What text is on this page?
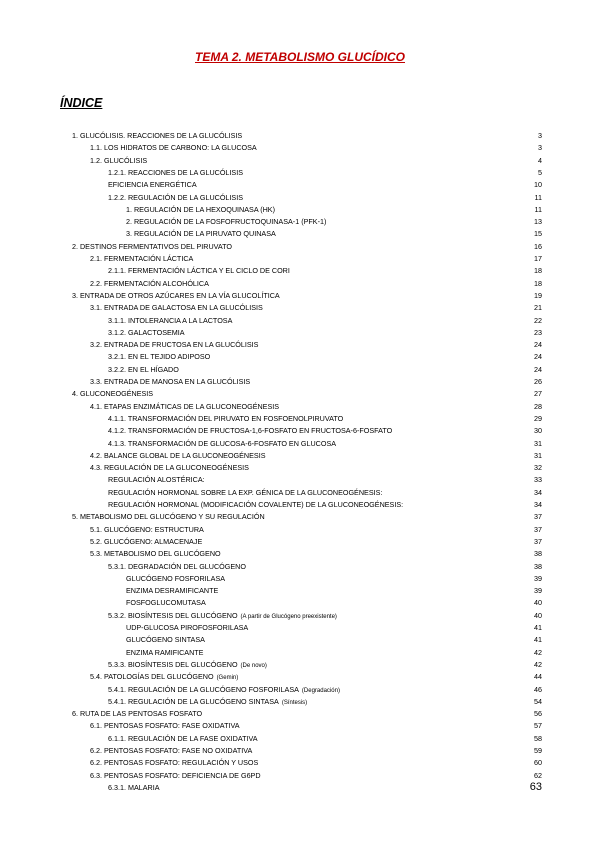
TEMA 2. METABOLISMO GLUCÍDICO
ÍNDICE
1. GLUCÓLISIS. REACCIONES DE LA GLUCÓLISIS	3
1.1. LOS HIDRATOS DE CARBONO: LA GLUCOSA	3
1.2. GLUCÓLISIS	4
1.2.1. REACCIONES DE LA GLUCÓLISIS	5
EFICIENCIA ENERGÉTICA	10
1.2.2. REGULACIÓN DE LA GLUCÓLISIS	11
1. REGULACIÓN DE LA HEXOQUINASA (HK)	11
2. REGULACIÓN DE LA FOSFOFRUCTOQUINASA-1 (PFK-1)	13
3. REGULACIÓN DE LA PIRUVATO QUINASA	15
2. DESTINOS FERMENTATIVOS DEL PIRUVATO	16
2.1. FERMENTACIÓN LÁCTICA	17
2.1.1. FERMENTACIÓN LÁCTICA Y EL CICLO DE CORI	18
2.2. FERMENTACIÓN ALCOHÓLICA	18
3. ENTRADA DE OTROS AZÚCARES EN LA VÍA GLUCOLÍTICA	19
3.1. ENTRADA DE GALACTOSA EN LA GLUCÓLISIS	21
3.1.1. INTOLERANCIA A LA LACTOSA	22
3.1.2. GALACTOSEMIA	23
3.2. ENTRADA DE FRUCTOSA EN LA GLUCÓLISIS	24
3.2.1. EN EL TEJIDO ADIPOSO	24
3.2.2. EN EL HÍGADO	24
3.3. ENTRADA DE MANOSA EN LA GLUCÓLISIS	26
4. GLUCONEOGÉNESIS	27
4.1. ETAPAS ENZIMÁTICAS DE LA GLUCONEOGÉNESIS	28
4.1.1. TRANSFORMACIÓN DEL PIRUVATO EN FOSFOENOLPIRUVATO	29
4.1.2. TRANSFORMACIÓN DE FRUCTOSA-1,6-FOSFATO EN FRUCTOSA-6-FOSFATO	30
4.1.3. TRANSFORMACIÓN DE GLUCOSA-6-FOSFATO EN GLUCOSA	31
4.2. BALANCE GLOBAL DE LA GLUCONEOGÉNESIS	31
4.3. REGULACIÓN DE LA GLUCONEOGÉNESIS	32
REGULACIÓN ALOSTÉRICA:	33
REGULACIÓN HORMONAL SOBRE LA EXP. GÉNICA DE LA GLUCONEOGÉNESIS:	34
REGULACIÓN HORMONAL (MODIFICACIÓN COVALENTE) DE LA GLUCONEOGÉNESIS:	34
5. METABOLISMO DEL GLUCÓGENO Y SU REGULACIÓN	37
5.1. GLUCÓGENO: ESTRUCTURA	37
5.2. GLUCÓGENO: ALMACENAJE	37
5.3. METABOLISMO DEL GLUCÓGENO	38
5.3.1. DEGRADACIÓN DEL GLUCÓGENO	38
GLUCÓGENO FOSFORILASA	39
ENZIMA DESRAMIFICANTE	39
FOSFOGLUCOMUTASA	40
5.3.2. BIOSÍNTESIS DEL GLUCÓGENO (A partir de Glucógeno preexistente)	40
UDP-GLUCOSA PIROFOSFORILASA	41
GLUCÓGENO SINTASA	41
ENZIMA RAMIFICANTE	42
5.3.3. BIOSÍNTESIS DEL GLUCÓGENO (De novo)	42
5.4. PATOLOGÍAS DEL GLUCÓGENO (Gemin)	44
5.4.1. REGULACIÓN DE LA GLUCÓGENO FOSFORILASA (Degradación)	46
5.4.1. REGULACIÓN DE LA GLUCÓGENO SINTASA (Síntesis)	54
6. RUTA DE LAS PENTOSAS FOSFATO	56
6.1. PENTOSAS FOSFATO: FASE OXIDATIVA	57
6.1.1. REGULACIÓN DE LA FASE OXIDATIVA	58
6.2. PENTOSAS FOSFATO: FASE NO OXIDATIVA	59
6.2. PENTOSAS FOSFATO: REGULACIÓN Y USOS	60
6.3. PENTOSAS FOSFATO: DEFICIENCIA DE G6PD	62
6.3.1. MALARIA	63
